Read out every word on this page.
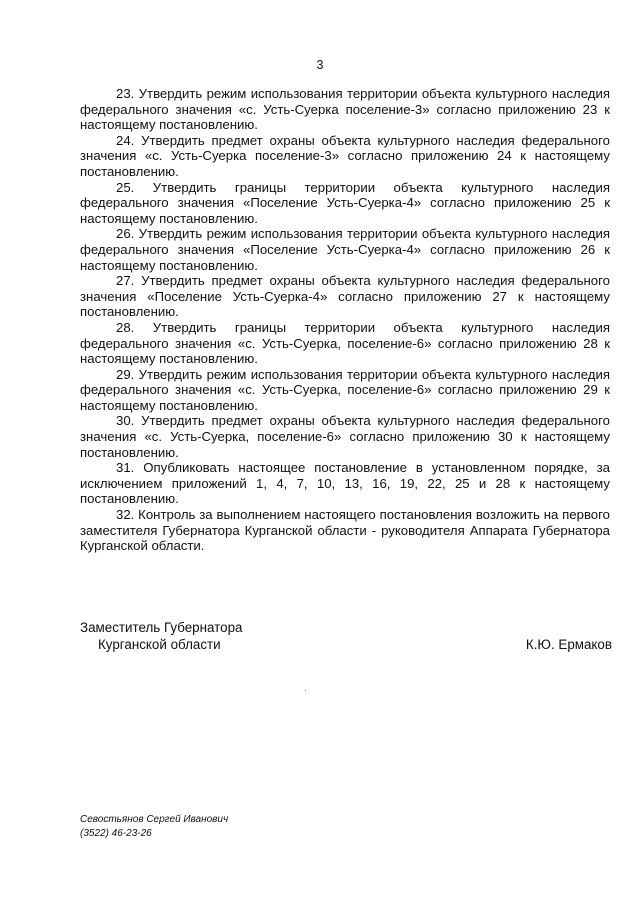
3

23. Утвердить режим использования территории объекта культурного наследия федерального значения «с. Усть-Суерка поселение-3» согласно приложению 23 к настоящему постановлению.

24. Утвердить предмет охраны объекта культурного наследия федерального значения «с. Усть-Суерка поселение-3» согласно приложению 24 к настоящему постановлению.

25. Утвердить границы территории объекта культурного наследия федерального значения «Поселение Усть-Суерка-4» согласно приложению 25 к настоящему постановлению.

26. Утвердить режим использования территории объекта культурного наследия федерального значения «Поселение Усть-Суерка-4» согласно приложению 26 к настоящему постановлению.

27. Утвердить предмет охраны объекта культурного наследия федерального значения «Поселение Усть-Суерка-4» согласно приложению 27 к настоящему постановлению.

28. Утвердить границы территории объекта культурного наследия федерального значения «с. Усть-Суерка, поселение-6» согласно приложению 28 к настоящему постановлению.

29. Утвердить режим использования территории объекта культурного наследия федерального значения «с. Усть-Суерка, поселение-6» согласно приложению 29 к настоящему постановлению.

30. Утвердить предмет охраны объекта культурного наследия федерального значения «с. Усть-Суерка, поселение-6» согласно приложению 30 к настоящему постановлению.

31. Опубликовать настоящее постановление в установленном порядке, за исключением приложений 1, 4, 7, 10, 13, 16, 19, 22, 25 и 28 к настоящему постановлению.

32. Контроль за выполнением настоящего постановления возложить на первого заместителя Губернатора Курганской области - руководителя Аппарата Губернатора Курганской области.

Заместитель Губернатора
Курганской области	К.Ю. Ермаков
Севостьянов Сергей Иванович
(3522) 46-23-26
